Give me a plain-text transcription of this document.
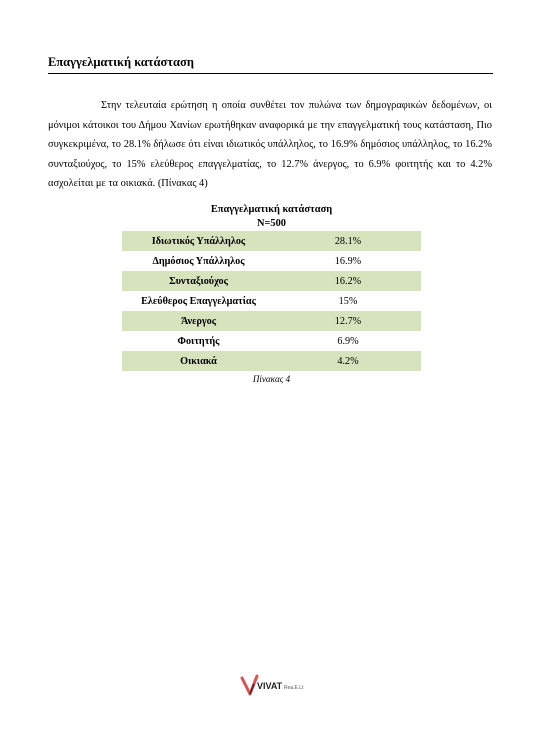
Επαγγελματική κατάσταση
Στην τελευταία ερώτηση η οποία συνθέτει τον πυλώνα των δημογραφικών δεδομένων, οι μόνιμοι κάτοικοι του Δήμου Χανίων ερωτήθηκαν αναφορικά με την επαγγελματική τους κατάσταση, Πιο συγκεκριμένα, το 28.1% δήλωσε ότι είναι ιδιωτικός υπάλληλος, το 16.9% δημόσιος υπάλληλος, το 16.2% συνταξιούχος, το 15% ελεύθερος επαγγελματίας, το 12.7% άνεργος, το 6.9% φοιτητής και το 4.2% ασχολείται με τα οικιακά. (Πίνακας 4)
Επαγγελματική κατάσταση
Ν=500
Ιδιωτικός Υπάλληλος	28.1%
Δημόσιος Υπάλληλος	16.9%
Συνταξιούχος	16.2%
Ελεύθερος Επαγγελματίας	15%
Άνεργος	12.7%
Φοιτητής	6.9%
Οικιακά	4.2%
Πίνακας 4
VIVAT Rea.E.Lt
